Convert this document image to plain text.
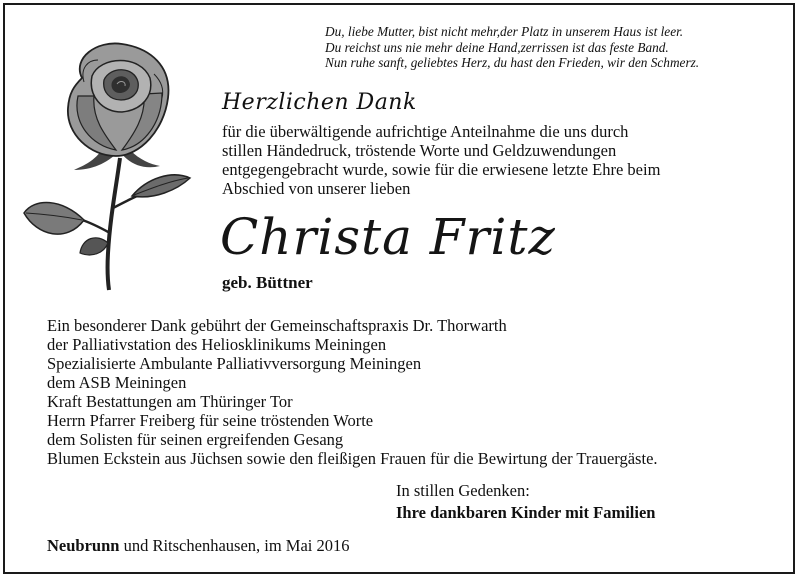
Du, liebe Mutter, bist nicht mehr,der Platz in unserem Haus ist leer.
Du reichst uns nie mehr deine Hand,zerrissen ist das feste Band.
Nun ruhe sanft, geliebtes Herz, du hast den Frieden, wir den Schmerz.
Herzlichen Dank
für die überwältigende aufrichtige Anteilnahme die uns durch
stillen Händedruck, tröstende Worte und Geldzuwendungen
entgegengebracht wurde, sowie für die erwiesene letzte Ehre beim
Abschied von unserer lieben
Christa Fritz
geb. Büttner
Ein besonderer Dank gebührt der Gemeinschaftspraxis Dr. Thorwarth
der Palliativstation des Heliosklinikums Meiningen
Spezialisierte Ambulante Palliativversorgung Meiningen
dem ASB Meiningen
Kraft Bestattungen am Thüringer Tor
Herrn Pfarrer Freiberg für seine tröstenden Worte
dem Solisten für seinen ergreifenden Gesang
Blumen Eckstein aus Jüchsen sowie den fleißigen Frauen für die Bewirtung der Trauergäste.
In stillen Gedenken:
Ihre dankbaren Kinder mit Familien
Neubrunn und Ritschenhausen, im Mai 2016
